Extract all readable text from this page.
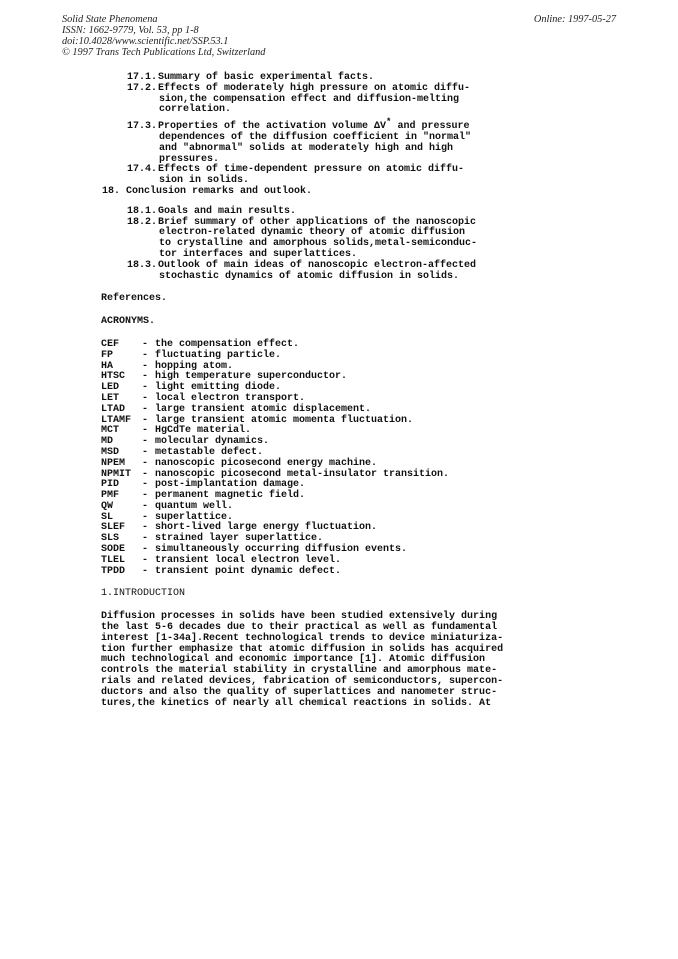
Solid State Phenomena
ISSN: 1662-9779, Vol. 53, pp 1-8
doi:10.4028/www.scientific.net/SSP.53.1
© 1997 Trans Tech Publications Ltd, Switzerland
Online: 1997-05-27
17.1. Summary of basic experimental facts.
17.2. Effects of moderately high pressure on atomic diffu-
sion,the compensation effect and diffusion-melting
correlation.
17.3. Properties of the activation volume ΔV* and pressure
dependences of the diffusion coefficient in "normal"
and "abnormal" solids at moderately high and high
pressures.
17.4. Effects of time-dependent pressure on atomic diffu-
sion in solids.
18. Conclusion remarks and outlook.
18.1. Goals and main results.
18.2. Brief summary of other applications of the nanoscopic
electron-related dynamic theory of atomic diffusion
to crystalline and amorphous solids,metal-semiconduc-
tor interfaces and superlattices.
18.3. Outlook of main ideas of nanoscopic electron-affected
stochastic dynamics of atomic diffusion in solids.
References.
ACRONYMS.
CEF - the compensation effect.
FP	- fluctuating particle.
HA	- hopping atom.
HTSC - high temperature superconductor.
LED - light emitting diode.
LET - local electron transport.
LTAD - large transient atomic displacement.
LTAMF - large transient atomic momenta fluctuation.
MCT - HgCdTe material.
MD	- molecular dynamics.
MSD - metastable defect.
NPEM - nanoscopic picosecond energy machine.
NPMIT - nanoscopic picosecond metal-insulator transition.
PID - post-implantation damage.
PMF - permanent magnetic field.
QW	- quantum well.
SL	- superlattice.
SLEF - short-lived large energy fluctuation.
SLS - strained layer superlattice.
SODE - simultaneously occurring diffusion events.
TLEL - transient local electron level.
TPDD - transient point dynamic defect.
1.INTRODUCTION
Diffusion processes in solids have been studied extensively during
the last 5-6 decades due to their practical as well as fundamental
interest [1-34a].Recent technological trends to device miniaturiza-
tion further emphasize that atomic diffusion in solids has acquired
much technological and economic importance [1]. Atomic diffusion
controls the material stability in crystalline and amorphous mate-
rials and related devices, fabrication of semiconductors, supercon-
ductors and also the quality of superlattices and nanometer struc-
tures,the kinetics of nearly all chemical reactions in solids. At
